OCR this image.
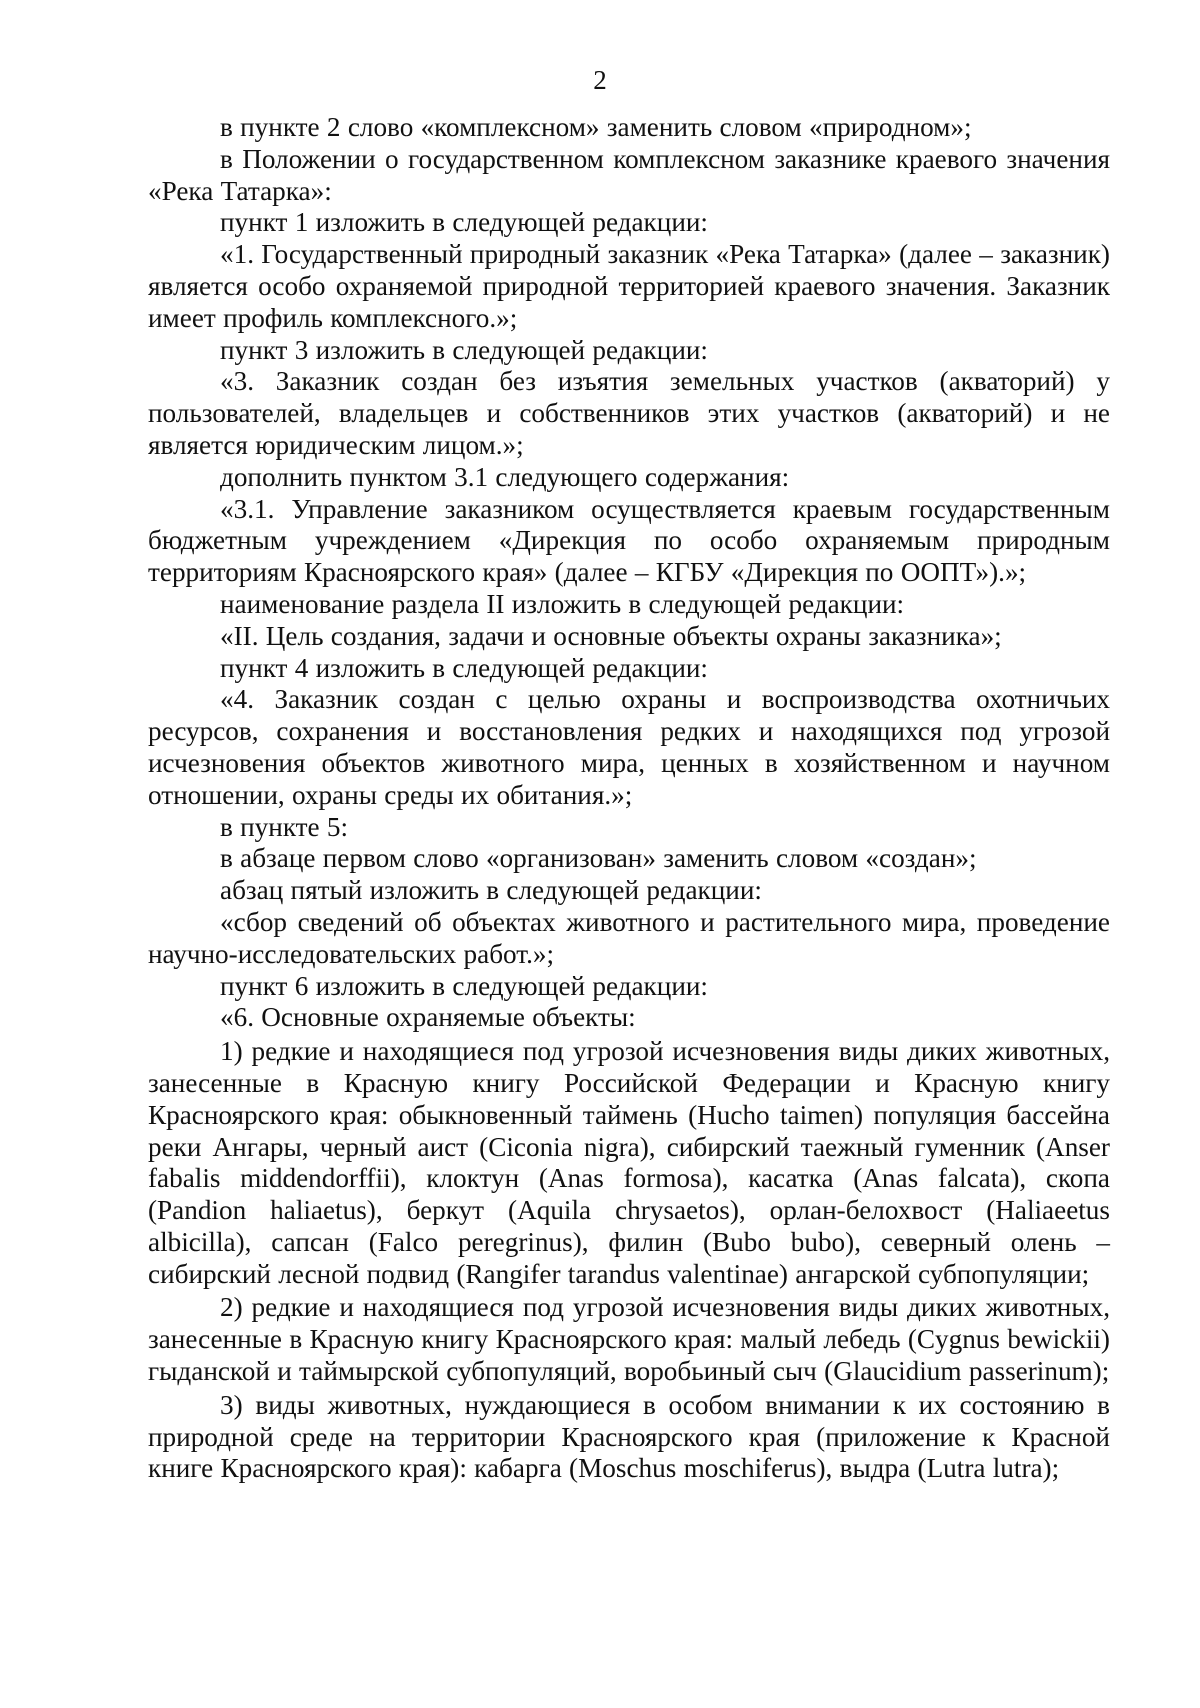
2

в пункте 2 слово «комплексном» заменить словом «природном»;

в Положении о государственном комплексном заказнике краевого значения «Река Татарка»:

пункт 1 изложить в следующей редакции:

«1. Государственный природный заказник «Река Татарка» (далее – заказник) является особо охраняемой природной территорией краевого значения. Заказник имеет профиль комплексного.»;

пункт 3 изложить в следующей редакции:

«3. Заказник создан без изъятия земельных участков (акваторий) у пользователей, владельцев и собственников этих участков (акваторий) и не является юридическим лицом.»;

дополнить пунктом 3.1 следующего содержания:

«3.1. Управление заказником осуществляется краевым государственным бюджетным учреждением «Дирекция по особо охраняемым природным территориям Красноярского края» (далее – КГБУ «Дирекция по ООПТ»).»;

наименование раздела II изложить в следующей редакции:

«II. Цель создания, задачи и основные объекты охраны заказника»;

пункт 4 изложить в следующей редакции:

«4. Заказник создан с целью охраны и воспроизводства охотничьих ресурсов, сохранения и восстановления редких и находящихся под угрозой исчезновения объектов животного мира, ценных в хозяйственном и научном отношении, охраны среды их обитания.»;

в пункте 5:

в абзаце первом слово «организован» заменить словом «создан»;

абзац пятый изложить в следующей редакции:

«сбор сведений об объектах животного и растительного мира, проведение научно-исследовательских работ.»;

пункт 6 изложить в следующей редакции:

«6. Основные охраняемые объекты:

1) редкие и находящиеся под угрозой исчезновения виды диких животных, занесенные в Красную книгу Российской Федерации и Красную книгу Красноярского края: обыкновенный таймень (Hucho taimen) популяция бассейна реки Ангары, черный аист (Ciconia nigra), сибирский таежный гуменник (Anser fabalis middendorffii), клоктун (Anas formosa), касатка (Anas falcata), скопа (Pandion haliaetus), беркут (Aquila chrysaetos), орлан-белохвост (Haliaeetus albicilla), сапсан (Falco peregrinus), филин (Bubo bubo), северный олень – сибирский лесной подвид (Rangifer tarandus valentinae) ангарской субпопуляции;

2) редкие и находящиеся под угрозой исчезновения виды диких животных, занесенные в Красную книгу Красноярского края: малый лебедь (Cygnus bewickii) гыданской и таймырской субпопуляций, воробьиный сыч (Glaucidium passerinum);

3) виды животных, нуждающиеся в особом внимании к их состоянию в природной среде на территории Красноярского края (приложение к Красной книге Красноярского края): кабарга (Moschus moschiferus), выдра (Lutra lutra);
